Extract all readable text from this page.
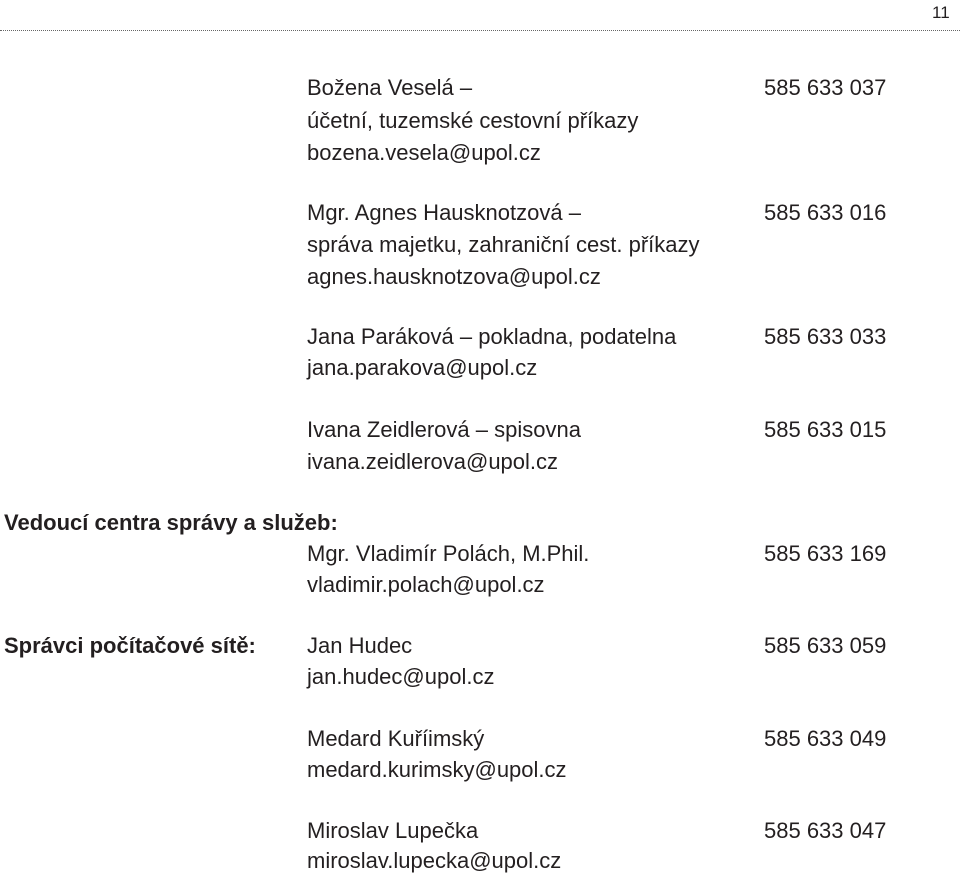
11
Božena Veselá –	585 633 037
účetní, tuzemské cestovní příkazy
bozena.vesela@upol.cz
Mgr. Agnes Hausknotzová –	585 633 016
správa majetku, zahraniční cest. příkazy
agnes.hausknotzova@upol.cz
Jana Paráková – pokladna, podatelna	585 633 033
jana.parakova@upol.cz
Ivana Zeidlerová – spisovna	585 633 015
ivana.zeidlerova@upol.cz
Vedoucí centra správy a služeb:
Mgr. Vladimír Polách, M.Phil.	585 633 169
vladimir.polach@upol.cz
Správci počítačové sítě: Jan Hudec	585 633 059
jan.hudec@upol.cz
Medard Kuříimský	585 633 049
medard.kurimsky@upol.cz
Miroslav Lupečka	585 633 047
miroslav.lupecka@upol.cz
